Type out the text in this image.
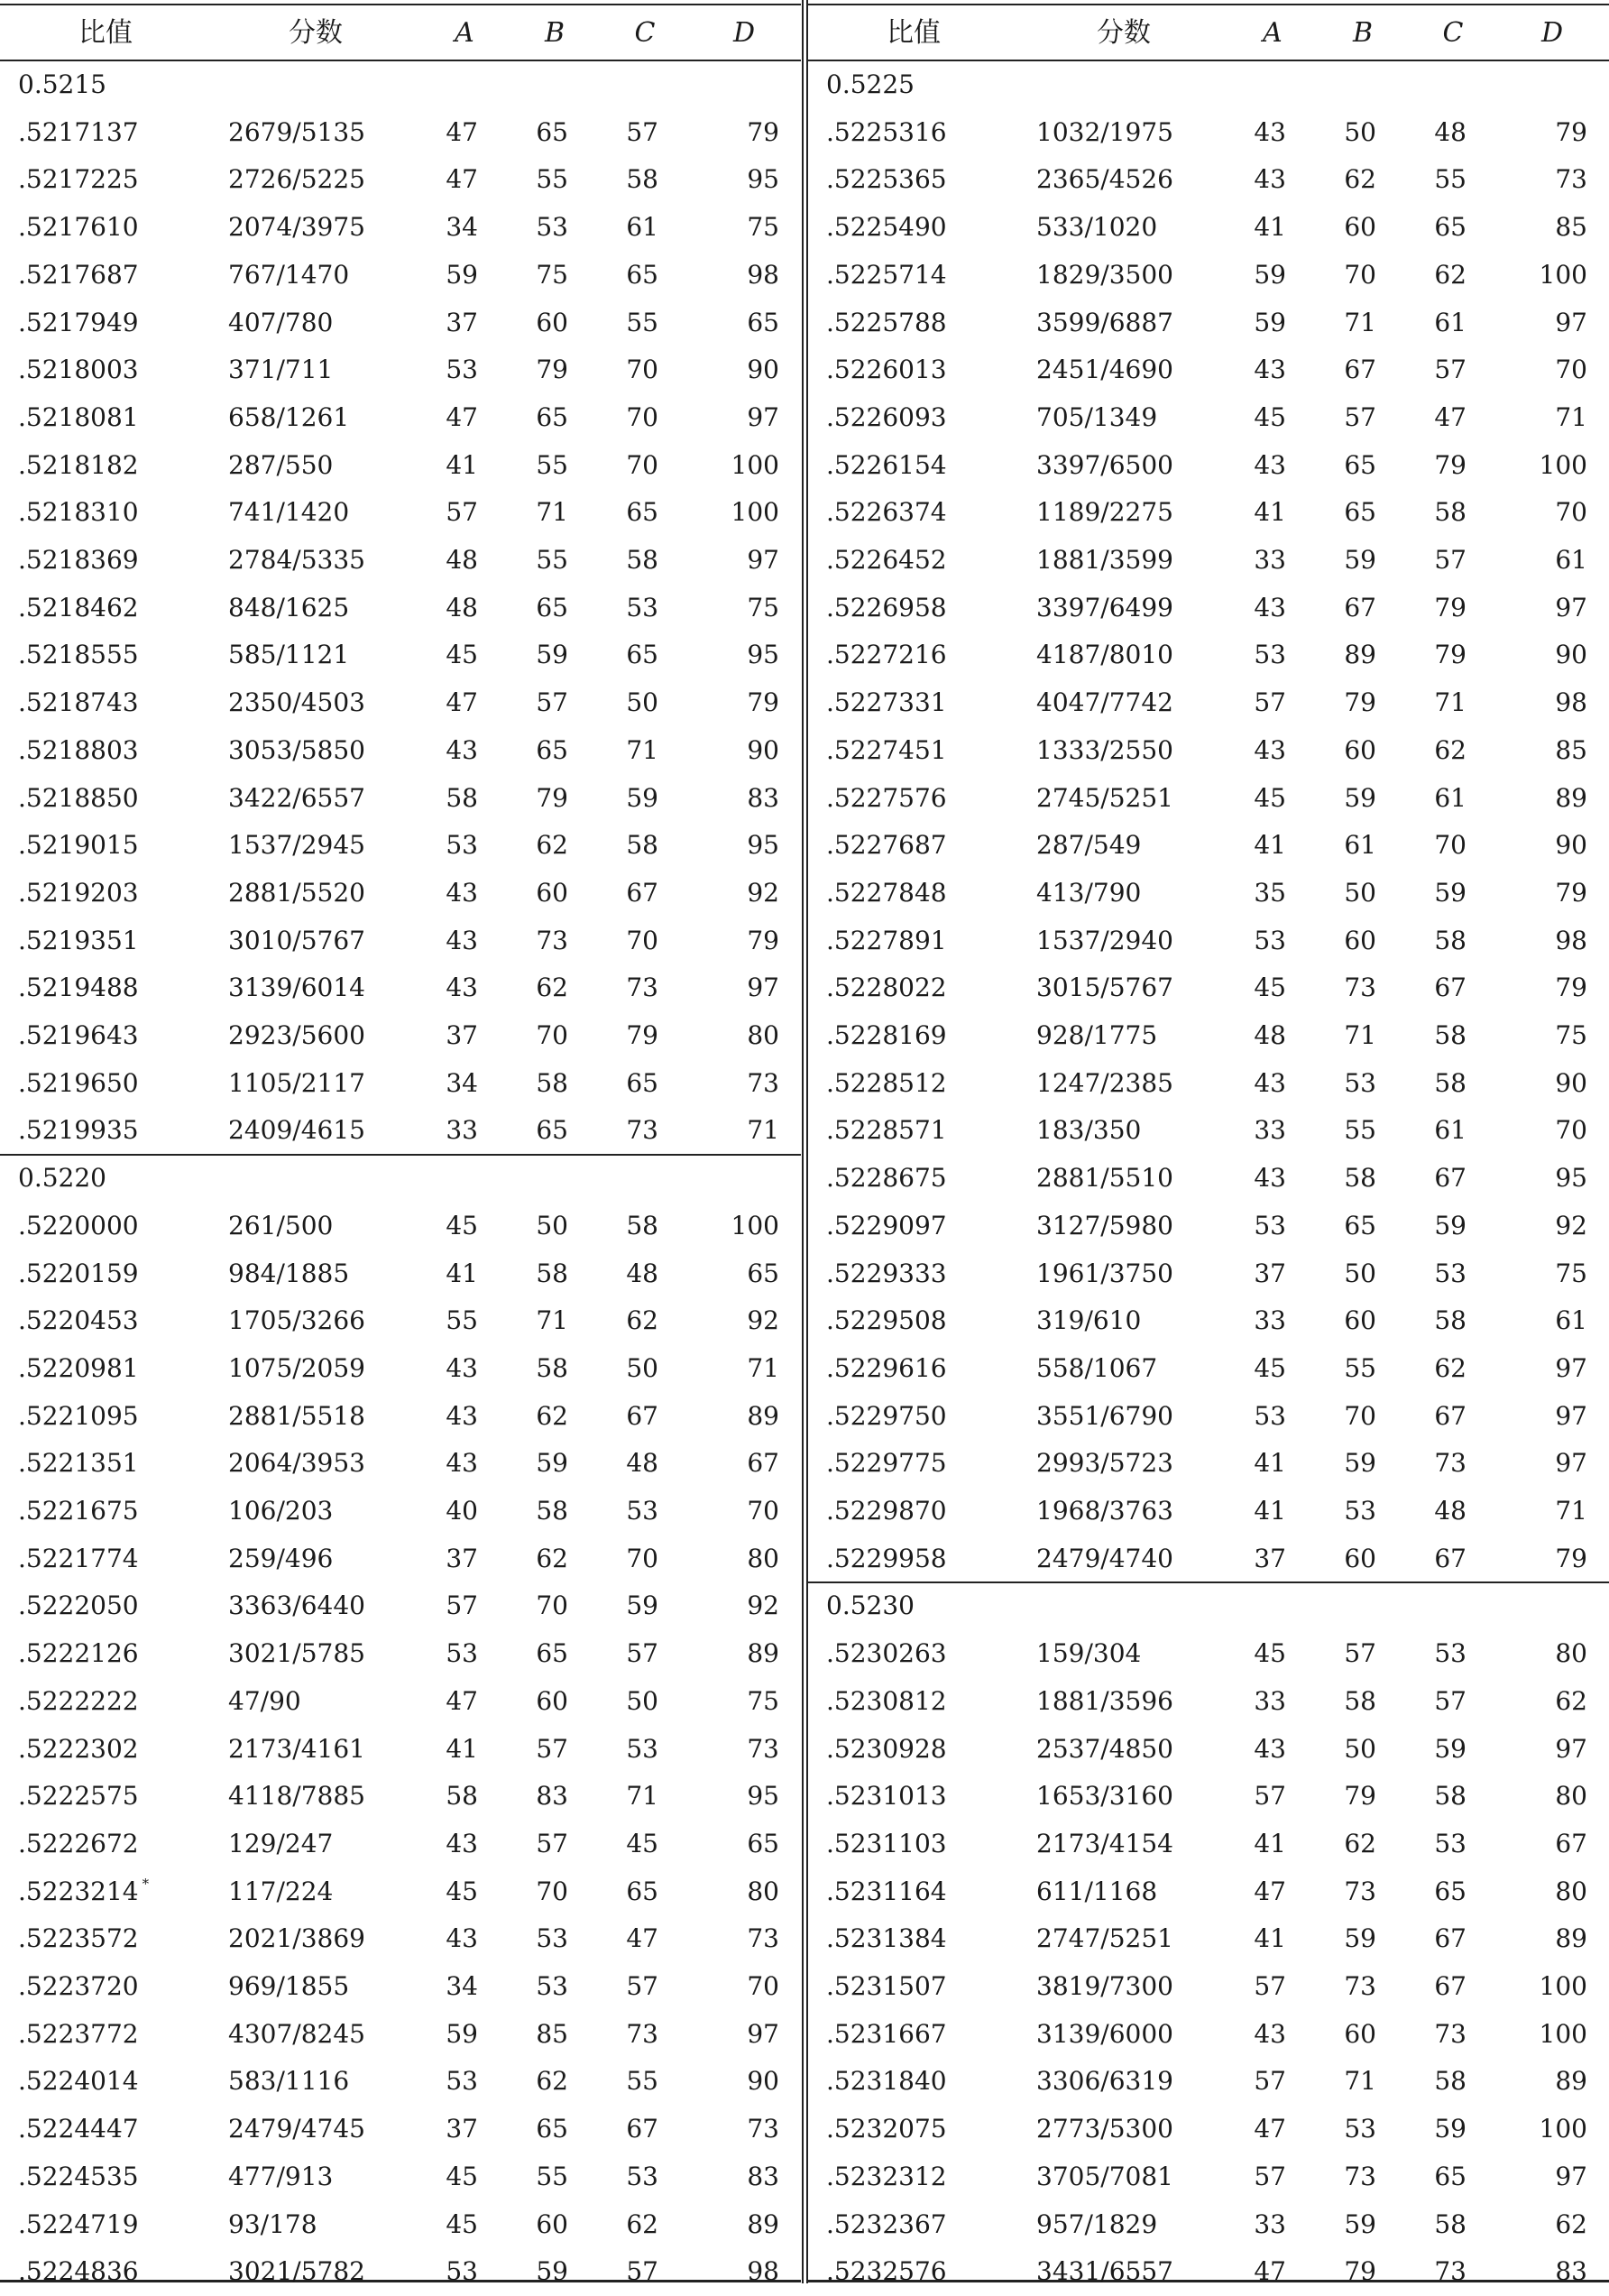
比值	分数	A	B	C	D
0.5215
.5217137	2679/5135	47	65	57	79
.5217225	2726/5225	47	55	58	95
.5217610	2074/3975	34	53	61	75
.5217687	767/1470	59	75	65	98
.5217949	407/780	37	60	55	65
.5218003	371/711	53	79	70	90
.5218081	658/1261	47	65	70	97
.5218182	287/550	41	55	70	100
.5218310	741/1420	57	71	65	100
.5218369	2784/5335	48	55	58	97
.5218462	848/1625	48	65	53	75
.5218555	585/1121	45	59	65	95
.5218743	2350/4503	47	57	50	79
.5218803	3053/5850	43	65	71	90
.5218850	3422/6557	58	79	59	83
.5219015	1537/2945	53	62	58	95
.5219203	2881/5520	43	60	67	92
.5219351	3010/5767	43	73	70	79
.5219488	3139/6014	43	62	73	97
.5219643	2923/5600	37	70	79	80
.5219650	1105/2117	34	58	65	73
.5219935	2409/4615	33	65	73	71
0.5220
.5220000	261/500	45	50	58	100
.5220159	984/1885	41	58	48	65
.5220453	1705/3266	55	71	62	92
.5220981	1075/2059	43	58	50	71
.5221095	2881/5518	43	62	67	89
.5221351	2064/3953	43	59	48	67
.5221675	106/203	40	58	53	70
.5221774	259/496	37	62	70	80
.5222050	3363/6440	57	70	59	92
.5222126	3021/5785	53	65	57	89
.5222222	47/90	47	60	50	75
.5222302	2173/4161	41	57	53	73
.5222575	4118/7885	58	83	71	95
.5222672	129/247	43	57	45	65
.5223214 *	117/224	45	70	65	80
.5223572	2021/3869	43	53	47	73
.5223720	969/1855	34	53	57	70
.5223772	4307/8245	59	85	73	97
.5224014	583/1116	53	62	55	90
.5224447	2479/4745	37	65	67	73
.5224535	477/913	45	55	53	83
.5224719	93/178	45	60	62	89
.5224836	3021/5782	53	59	57	98
比值	分数	A	B	C	D
0.5225
.5225316	1032/1975	43	50	48	79
.5225365	2365/4526	43	62	55	73
.5225490	533/1020	41	60	65	85
.5225714	1829/3500	59	70	62	100
.5225788	3599/6887	59	71	61	97
.5226013	2451/4690	43	67	57	70
.5226093	705/1349	45	57	47	71
.5226154	3397/6500	43	65	79	100
.5226374	1189/2275	41	65	58	70
.5226452	1881/3599	33	59	57	61
.5226958	3397/6499	43	67	79	97
.5227216	4187/8010	53	89	79	90
.5227331	4047/7742	57	79	71	98
.5227451	1333/2550	43	60	62	85
.5227576	2745/5251	45	59	61	89
.5227687	287/549	41	61	70	90
.5227848	413/790	35	50	59	79
.5227891	1537/2940	53	60	58	98
.5228022	3015/5767	45	73	67	79
.5228169	928/1775	48	71	58	75
.5228512	1247/2385	43	53	58	90
.5228571	183/350	33	55	61	70
.5228675	2881/5510	43	58	67	95
.5229097	3127/5980	53	65	59	92
.5229333	1961/3750	37	50	53	75
.5229508	319/610	33	60	58	61
.5229616	558/1067	45	55	62	97
.5229750	3551/6790	53	70	67	97
.5229775	2993/5723	41	59	73	97
.5229870	1968/3763	41	53	48	71
.5229958	2479/4740	37	60	67	79
0.5230
.5230263	159/304	45	57	53	80
.5230812	1881/3596	33	58	57	62
.5230928	2537/4850	43	50	59	97
.5231013	1653/3160	57	79	58	80
.5231103	2173/4154	41	62	53	67
.5231164	611/1168	47	73	65	80
.5231384	2747/5251	41	59	67	89
.5231507	3819/7300	57	73	67	100
.5231667	3139/6000	43	60	73	100
.5231840	3306/6319	57	71	58	89
.5232075	2773/5300	47	53	59	100
.5232312	3705/7081	57	73	65	97
.5232367	957/1829	33	59	58	62
.5232576	3431/6557	47	79	73	83
